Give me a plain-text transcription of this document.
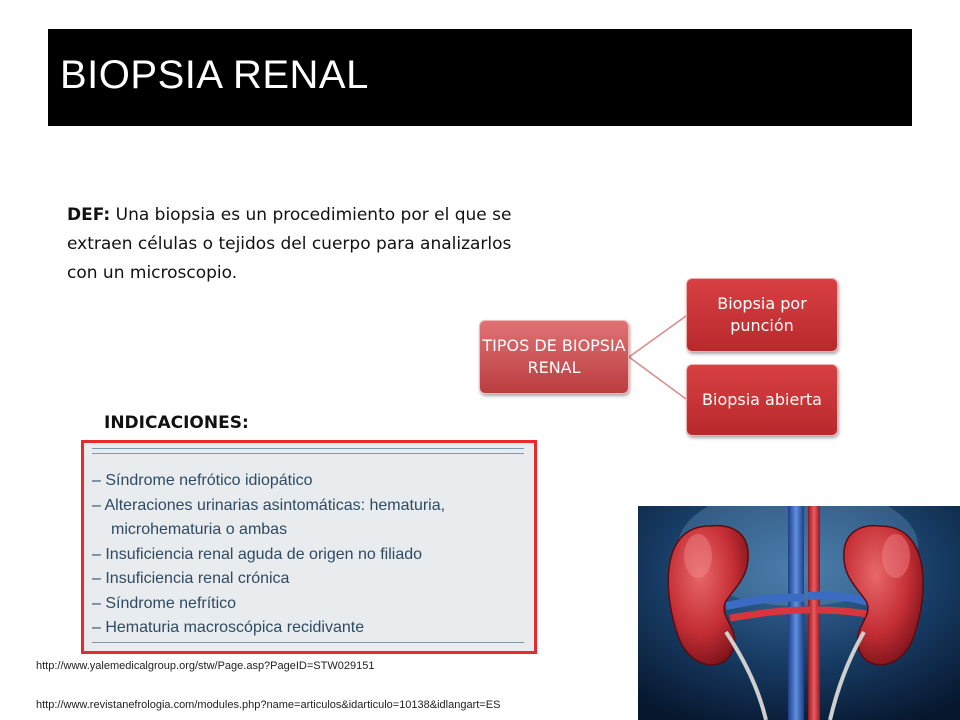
BIOPSIA RENAL
DEF: Una biopsia es un procedimiento por el que se extraen células o tejidos del cuerpo para analizarlos con un microscopio.
TIPOS DE BIOPSIA RENAL
Biopsia por punción
Biopsia abierta
INDICACIONES:
– Síndrome nefrótico idiopático
– Alteraciones urinarias asintomáticas: hematuria, microhematuria o ambas
– Insuficiencia renal aguda de origen no filiado
– Insuficiencia renal crónica
– Síndrome nefrítico
– Hematuria macroscópica recidivante
http://www.yalemedicalgroup.org/stw/Page.asp?PageID=STW029151
http://www.revistanefrologia.com/modules.php?name=articulos&idarticulo=10138&idlangart=ES
